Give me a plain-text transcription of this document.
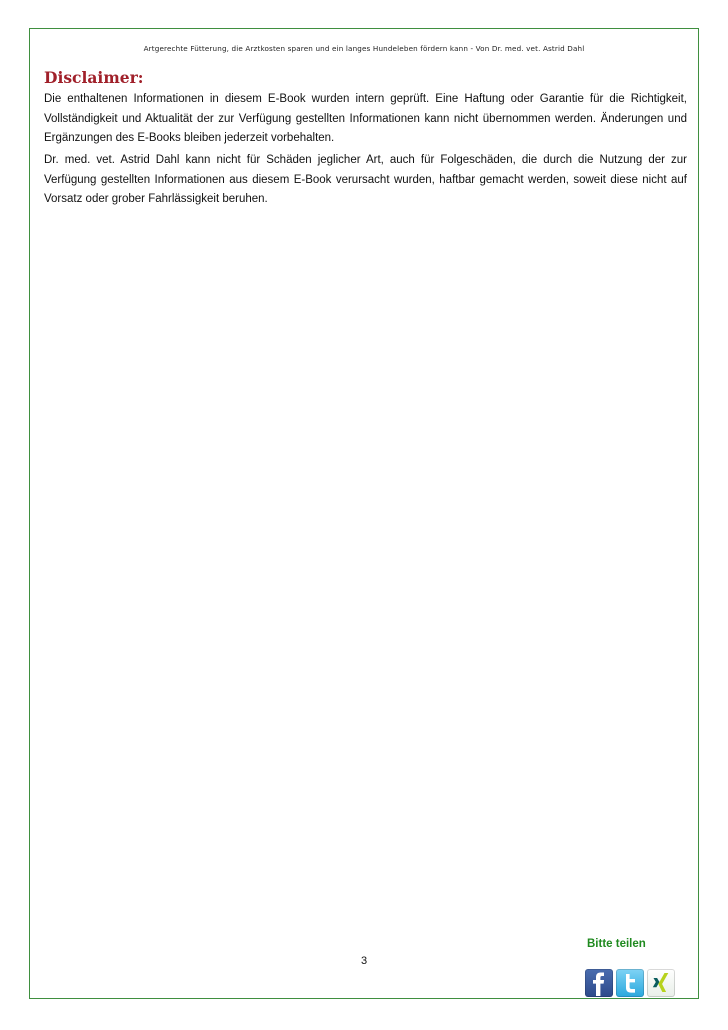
Artgerechte Fütterung, die Arztkosten sparen und ein langes Hundeleben fördern kann - Von Dr. med. vet. Astrid Dahl
Disclaimer:
Die enthaltenen Informationen in diesem E-Book wurden intern geprüft. Eine Haftung oder Garantie für die Richtigkeit, Vollständigkeit und Aktualität der zur Verfügung gestellten Informationen kann nicht übernommen werden. Änderungen und Ergänzungen des E-Books bleiben jederzeit vorbehalten.
Dr. med. vet. Astrid Dahl kann nicht für Schäden jeglicher Art, auch für Folgeschäden, die durch die Nutzung der zur Verfügung gestellten Informationen aus diesem E-Book verursacht wurden, haftbar gemacht werden, soweit diese nicht auf Vorsatz oder grober Fahrlässigkeit beruhen.
Bitte teilen
3
